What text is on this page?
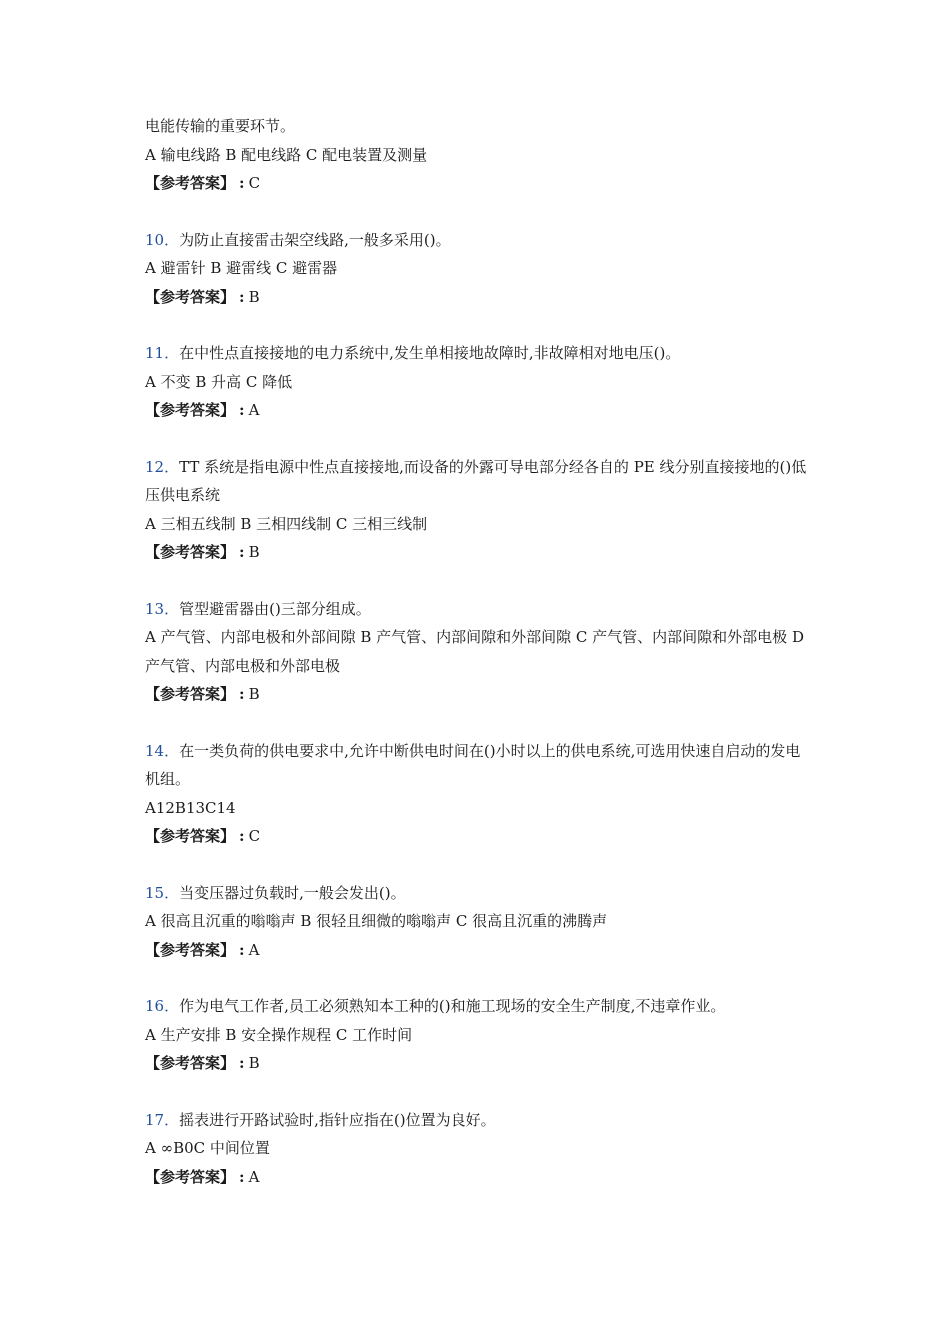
电能传输的重要环节。

A 输电线路 B 配电线路 C 配电装置及测量

【参考答案】 : C

10．为防止直接雷击架空线路,一般多采用()。

A 避雷针 B 避雷线 C 避雷器

【参考答案】 : B

11．在中性点直接接地的电力系统中,发生单相接地故障时,非故障相对地电压()。

A 不变 B 升高 C 降低

【参考答案】 : A

12．TT 系统是指电源中性点直接接地,而设备的外露可导电部分经各自的 PE 线分别直接接地的()低压供电系统

A 三相五线制 B 三相四线制 C 三相三线制

【参考答案】 : B

13．管型避雷器由()三部分组成。

A 产气管、内部电极和外部间隙 B 产气管、内部间隙和外部间隙 C 产气管、内部间隙和外部电极 D 产气管、内部电极和外部电极

【参考答案】 : B

14．在一类负荷的供电要求中,允许中断供电时间在()小时以上的供电系统,可选用快速自启动的发电机组。

A12B13C14

【参考答案】 : C

15．当变压器过负载时,一般会发出()。

A 很高且沉重的嗡嗡声 B 很轻且细微的嗡嗡声 C 很高且沉重的沸腾声

【参考答案】 : A

16．作为电气工作者,员工必须熟知本工种的()和施工现场的安全生产制度,不违章作业。

A 生产安排 B 安全操作规程 C 工作时间

【参考答案】 : B

17．摇表进行开路试验时,指针应指在()位置为良好。

A ∞B0C 中间位置

【参考答案】 : A
